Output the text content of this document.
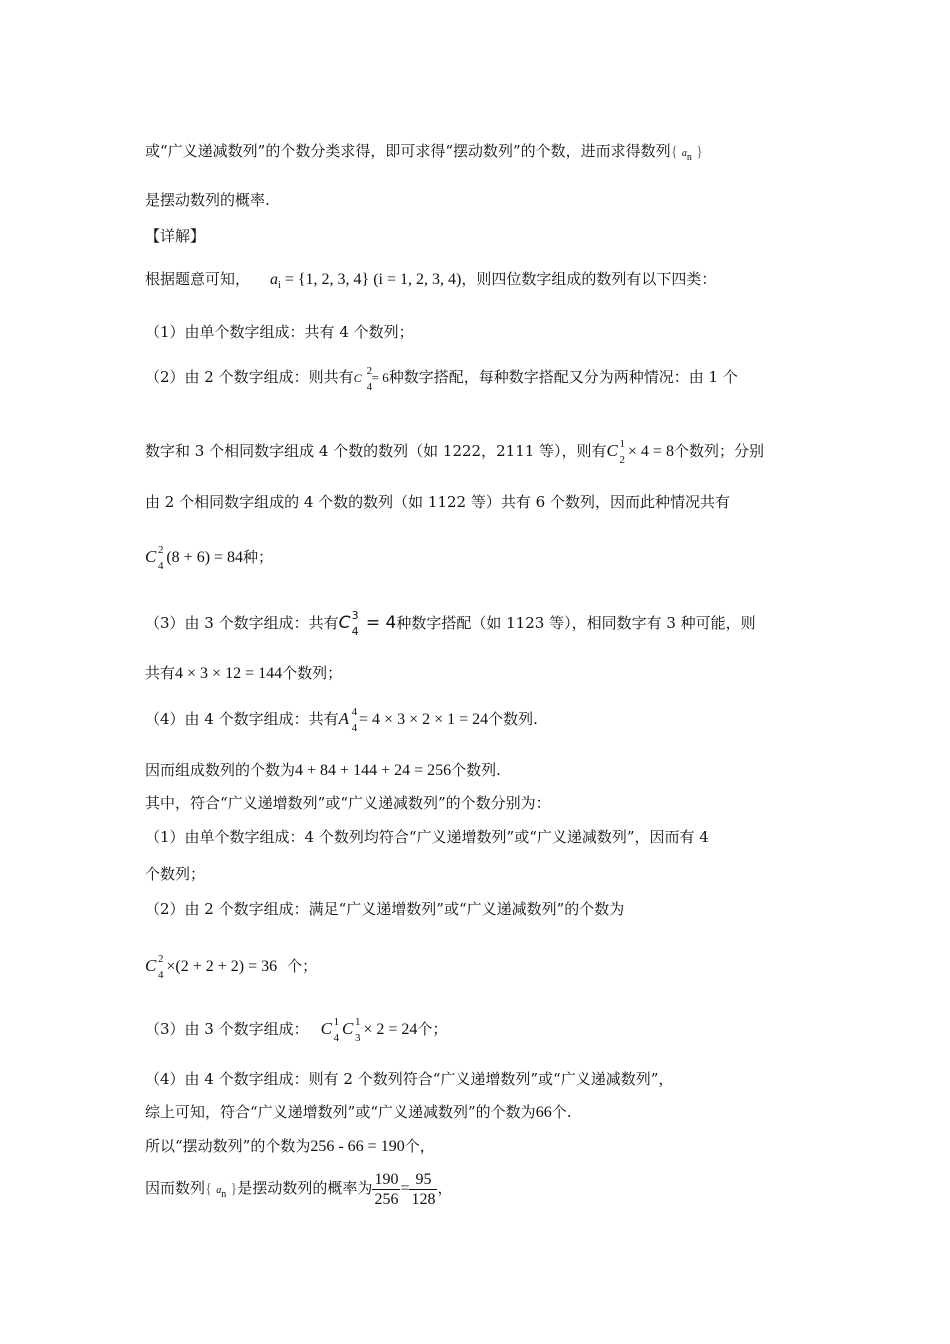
或“广义递减数列”的个数分类求得，即可求得“摆动数列”的个数，进而求得数列{ $a_n$ }
是摆动数列的概率.
【详解】
根据题意可知， $a_i = \{1$, 2, 3, 4} (i = 1, 2, 3, 4)，则四位数字组成的数列有以下四类：
（1）由单个数字组成：共有 4 个数列；
（2）由 2 个数字组成：则共有C 2
4
= 6种数字搭配，每种数字搭配又分为两种情况：由 1 个
数字和 3 个相同数字组成 4 个数的数列（如 1222，2111 等），则有C 1
2 × 4 = 8个数列；分别
由 2 个相同数字组成的 4 个数的数列（如 1122 等）共有 6 个数列，因而此种情况共有
C 2
4 (8 + 6) = 84种；
（3）由 3 个数字组成：共有C 3
4 = 4种数字搭配（如 1123 等），相同数字有 3 种可能，则
共有4 × 3 × 12 = 144个数列；
（4）由 4 个数字组成：共有A 4
4 = 4 × 3 × 2 × 1 = 24个数列.
因而组成数列的个数为4 + 84 + 144 + 24 = 256个数列.
其中，符合“广义递增数列”或“广义递减数列”的个数分别为：
（1）由单个数字组成：4 个数列均符合“广义递增数列”或“广义递减数列”，因而有 4
个数列；
（2）由 2 个数字组成：满足“广义递增数列”或“广义递减数列”的个数为
C 2
4 ×(2 + 2 + 2) = 36 个；
（3）由 3 个数字组成： C 1
4 C 1
3 × 2 = 24个；
（4）由 4 个数字组成：则有 2 个数列符合“广义递增数列”或“广义递减数列”，
综上可知，符合“广义递增数列”或“广义递减数列”的个数为66个.
所以“摆动数列”的个数为256 - 66 = 190个，
因而数列{ $a_n$ }是摆动数列的概率为 $\frac{190}{256} = \frac{95}{128}$ ，
